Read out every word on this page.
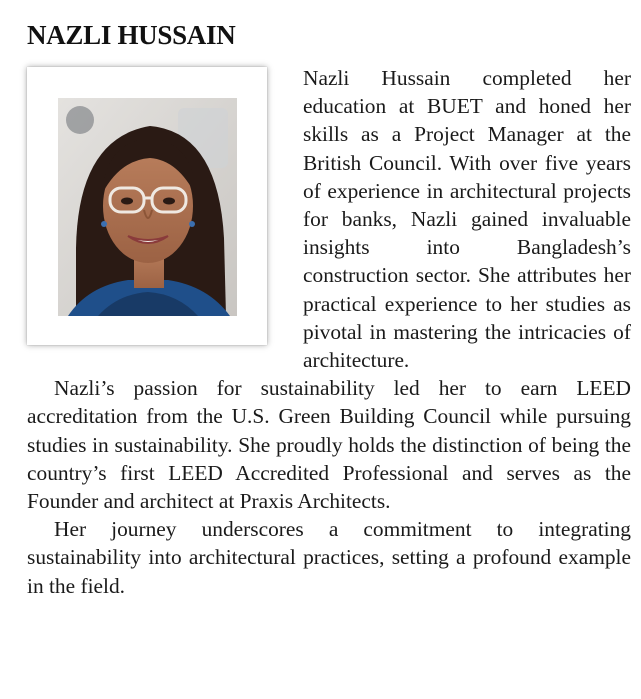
NAZLI HUSSAIN

Nazli Hussain completed her education at BUET and honed her skills as a Project Manager at the British Council. With over five years of experience in architectural projects for banks, Nazli gained invaluable insights into Bangladesh’s construction sector. She attributes her practical experience to her studies as pivotal in mastering the intricacies of architecture.

Nazli’s passion for sustainability led her to earn LEED accreditation from the U.S. Green Building Council while pursuing studies in sustainability. She proudly holds the distinction of being the country’s first LEED Accredited Professional and serves as the Founder and architect at Praxis Architects.

Her journey underscores a commitment to integrating sustainability into architectural practices, setting a profound example in the field.
